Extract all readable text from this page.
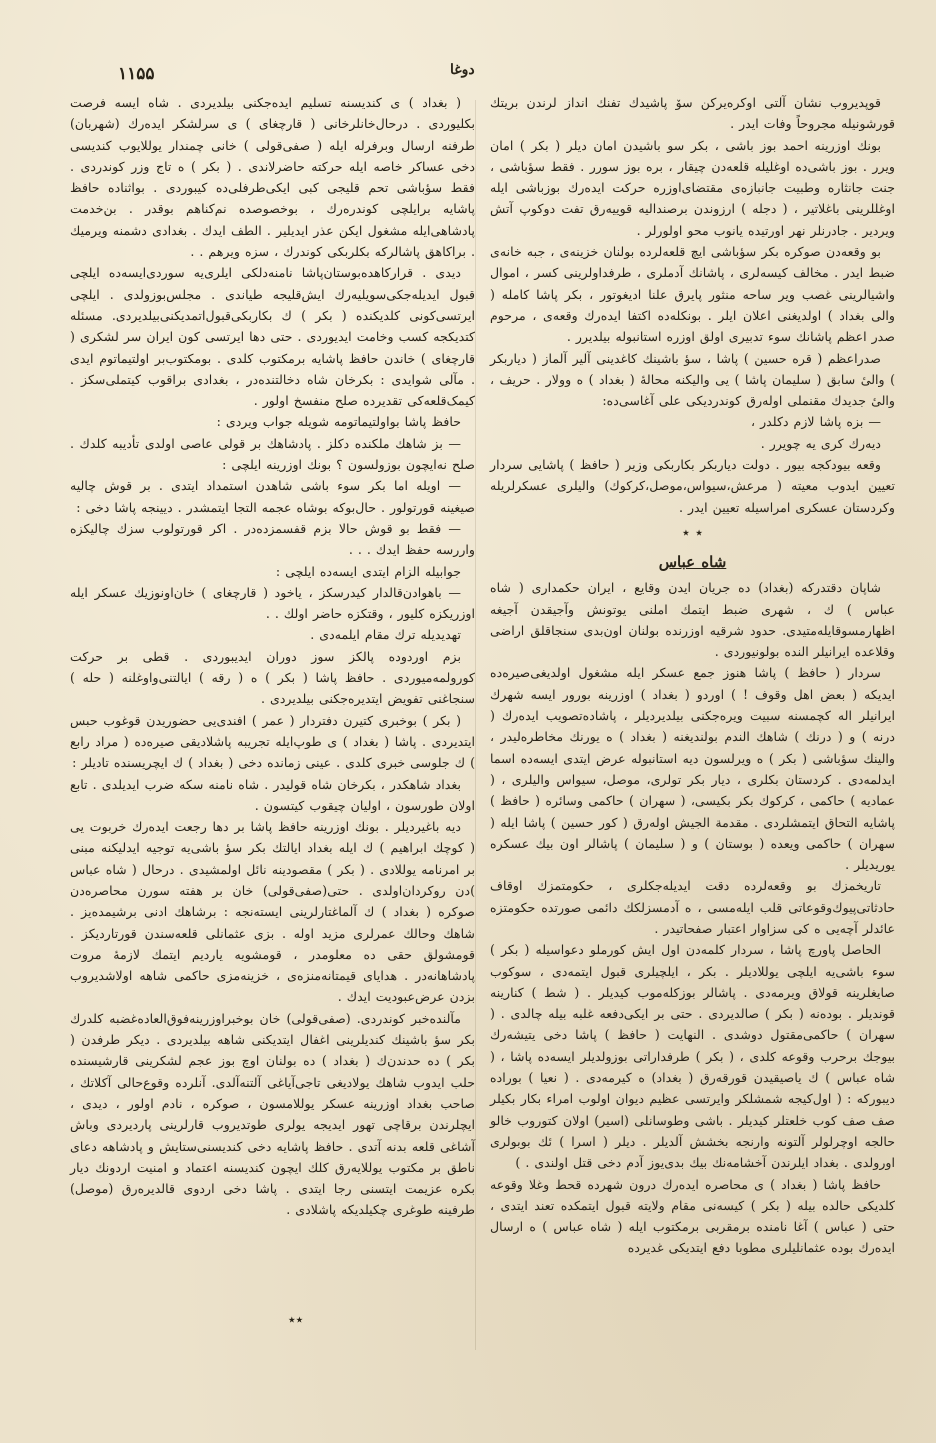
۱۱۵۵	دوغا

قوپدیروب نشان آلتی اوکره‌یرکن سۆ پاشیدك تفنك انداز لرندن بریتك قورشونیله مجروحاً وفات ایدر .

بونك اوزرینه احمد بوز باشی ، بکر سو باشیدن امان دیلر ( بکر ) امان ویرر . بوز باشی‌ده اوغلیله قلعه‌دن چیقار ، بره بوز سورر . فقط سؤباشی ، جنت جانثاره وطبیت جانبازه‌ی مقتضای‌اوزره حرکت ایده‌رك بوزباشی ایله اوغللرینی باغلاتیر ، ( دجله ) ارزوندن برصندالیه قوییه‌رق تفت دوكوپ آتش ویردیر . جادرنلر نهر اورتیده یانوب محو اولورلر .

بو وقعه‌دن صوکره بکر سؤباشی ایچ قلعه‌لرده بولنان خزینه‌ی ، جبه خانه‌ی ضبط ایدر . مخالف کیسه‌لری ، پاشانك آدملری ، طرفداولرینی کسر ، اموال واشیالرینی غصب ویر ساحه منثور پایرق علنا ادیغوتور ، بکر پاشا کامله ( والی بغداد ) اولدیغنی اعلان ایلر . بونکله‌ده اکتفا ایده‌رك وقعه‌ی ، مرحوم صدر اعظم پاشانك سوء تدبیری اولق اوزره استانبوله بیلدیرر .

صدراعظم ( قره حسین ) پاشا ، سؤ باشینك کاغدینی آلیر آلماز ( دیاربکر ) والیٔ سابق ( سلیمان پاشا ) یی والیکنه محالهٔ ( بغداد ) ه وولار . حریف ، والیٔ جدیدك مقنملی اوله‌رق کوندردیکی علی آغاسی‌ده:

— بزه پاشا لازم دکلدر ،

دیه‌رك کری یه چویرر .

وقعه بیودکجه بیور . دولت دیاربکر بکاربکی وزیر ( حافظ ) پاشایی سردار تعیین ایدوب معیته ( مرعش،سیواس،موصل،کرکوك) والیلری عسکرلریله وکردستان عسکری امراسیله تعیین ایدر .

٭ ٭
شاه عباس

شاپان دقتدرکه (بغداد) ده جریان ایدن وقایع ، ایران حکمداری ( شاه عباس ) ك ، شهری ضبط ایتمك املنی یوتونش وآجیقدن آجیغه اظهارمسوقایله‌متیدی. حدود شرقیه اوزرنده بولنان اون‌بدی سنجاقلق اراضی وقلاعده ایرانیلر النده بولونیوردی .

سردار ( حافظ ) پاشا هنوز جمع عسکر ایله مشغول اولدیغی‌صیره‌ده ایدیکه ( بعض اهل وقوف ! ) اوردو ( بغداد ) اوزرینه بورور ایسه شهرك ایرانیلر اله کچمسنه سبیت ویره‌جکنی بیلدیردیلر ، پاشاده‌تصویب ایده‌رك ( درنه ) و ( درنك ) شاهك الندم بولندیغنه ( بغداد ) ه یورنك مخاطره‌لیدر ، والینك سؤباشی ( بکر ) ه ویرلسون دیه استانبوله عرض ایتدی ایسه‌ده اسما ایدلمه‌دی . کردستان بکلری ، دیار بکر تولری، موصل، سیواس والیلری ، ( عمادیه ) حاکمی ، کرکوك بکر بکیسی، ( سهران ) حاکمی وسائره ( حافظ ) پاشایه التحاق ایتمشلردی . مقدمة الجیش اوله‌رق ( کور حسین ) پاشا ایله ( سهران ) حاکمی ویعده ( بوستان ) و ( سلیمان ) پاشالر اون بیك عسکره یوریدیلر .

تاریخمزك بو وقعه‌لرده دقت ایدیله‌جکلری ، حکومتمزك اوقاف حادثاتی‌پیوك‌وقوعاتی قلب ایله‌مسی ، ه آدمسزلکك دائمی صورتده حکومتزه عائدلر آچه‌یی ه کی سزاوار اعتبار صفحاتیدر .

الحاصل پاورچ پاشا ، سردار کلمه‌دن اول ایش کورملو دعواسیله ( بکر ) سوء باشی‌یه ایلچی یوللادیلر . بکر ، ایلچیلری قبول ایتمه‌دی ، سوکوب صایغلرینه قولاق ویرمه‌دی . پاشالر بوزکله‌موب کیدیلر . ( شط ) کنارینه قوندیلر . بوده‌نه ( بکر ) صالدیردی . حتی بر ایکی‌دفعه غلبه بیله چالدی . ( سهران ) حاکمی‌مقتول دوشدی . النهایت ( حافظ ) پاشا دخی یتیشه‌رك بیوجك برحرب وقوعه کلدی ، ( بکر ) طرفداراتی بوزولدیلر ایسه‌ده پاشا ، ( شاه عباس ) ك یاصیقیدن قورقه‌رق ( بغداد) ه کیرمه‌دی . ( نعیا ) بوراده دیبورکه : ( اول‌کیجه شمشلکر وایرتسی عظیم دیوان اولوب امراء بکار بکیلر صف صف کوب خلعتلر کیدیلر . باشی وطوسانلی (اسیر) اولان کتوروب خالو حالجه اوچرلولر آلتونه وارنجه بخشش آلدیلر . دیلر ( اسرا ) ئك بوبولری اورولدی . بغداد ایلرندن آخشامه‌نك بیك بدی‌یوز آدم دخی قتل اولندی . )

حافظ پاشا ( بغداد ) ی محاصره ایده‌رك درون شهرده قحط وغلا وقوعه کلدیکی حالده بیله ( بکر ) کیسه‌نی مقام ولایته قبول ایتمکده تعند ایتدی ، حتی ( عباس ) آغا نامنده برمقربی برمکتوب ایله ( شاه عباس ) ه ارسال ایده‌رك بوده عثمانلیلری مطوبا دفع ایتدیکی غدیرده

( بغداد ) ی کندیسنه تسلیم ایده‌جکنی بیلدیردی . شاه ایسه فرصت بکلیوردی . درحال‌خانلرخانی ( قارچغای ) ی سرلشکر ایده‌رك (شهربان) طرفنه ارسال وبرفرله ایله ( صفی‌قولی ) خانی چمندار یوللایوب کندیسی دخی عساکر خاصه ایله حرکته حاضرلاندی . ( بکر ) ه تاج وزر کوندردی . فقط سؤباشی تحم قلیجی کبی ایکی‌طرفلی‌ده کیبوردی . بواثناده حافظ پاشایه برایلچی کوندره‌رك ، بوخصوصده نم‌کناهم بوقدر . بن‌خدمت پادشاهی‌ایله مشغول ایکن عذر ایدیلیر . الطف ایدك . بغدادی دشمنه ویرمیك . براکاهق پاشالرکه بکلربکی کوندرك ، سزه ویرهم . .

دیدی . قرارکاهده‌بوستان‌پاشا نامنه‌دلکی ایلری‌یه سوردی‌ایسه‌ده ایلچی قبول ایدیله‌جکی‌سویلیه‌رك ایش‌قلیجه طیاندی . مجلس‌بوزولدی . ایلچی ایرتسی‌کونی کلدیکنده ( بکر ) ك بکاربکی‌قبول‌اتمدیکنی‌بیلدیردی. مسئله کتدیکجه کسب وخامت ایدیوردی . حتی دها ایرتسی کون ایران سر لشکری ( قارچغای ) خاندن حافظ پاشایه برمکتوب کلدی . بومکتوب‌بر اولتیماتوم ایدی . مآلی شوایدی : بکرخان شاه دخالتنده‌در ، بغدادی براقوب کیتملی‌سکز . کیمک‌قلعه‌کی تقدیرده صلح منفسخ اولور .

حافظ پاشا بواولتیماتومه شویله جواب ویردی :

— بز شاهك ملکنده دکلز . پادشاهك بر قولی عاصی اولدی تأدیبه کلدك . صلح نه‌ایچون بوزولسون ؟ بونك اوزرینه ایلچی :

— اویله اما بکر سوء باشی شاهدن استمداد ایتدی . بر قوش چالیه صیغینه قورتولور . حال‌بوکه بوشاه عجمه التجا ایتمشدر . دیینجه پاشا دخی :

— فقط بو قوش حالا بزم قفسمزده‌در . اکر قورتولوب سزك چالیکزه واررسه حفظ ایدك . . .

جوابیله الزام ایتدی ایسه‌ده ایلچی :

— باهوادن‌قالدار کیدرسکز ، یاخود ( قارچغای ) خان‌اونوزیك عسکر ایله اوزریکزه کلیور ، وقتکزه حاضر اولك . .

تهدیدیله ترك مقام ایلمه‌دی .

بزم اوردوده پالکز سوز دوران ایدیبوردی . قطی بر حرکت کورولمه‌میوردی . حافظ پاشا ( بکر ) ه ( رقه ) ایالتنی‌واوغلنه ( حله ) سنجاغنی تفویض ایتدیره‌جکنی بیلدیردی .

( بکر ) بوخبری کتیرن دفتردار ( عمر ) افندی‌یی حضوریدن قوغوب حبس ایتدیردی . پاشا ( بغداد ) ی طوپ‌ایله تجریبه پاشلادیقی صیره‌ده ( مراد رابع ) ك جلوسی خبری کلدی . عینی زمانده دخی ( بغداد ) ك ایچریسنده تادیلر :

بغداد شاهکدر ، بکرخان شاه قولیدر . شاه نامنه سکه ضرب ایدیلدی . تابع اولان طورسون ، اولیان چیقوب کیتسون .

دیه باغیردیلر . بونك اوزرینه حافظ پاشا بر دها رجعت ایده‌رك خربوت یی ( کوچك ابراهیم ) ك ایله بغداد ایالتك بکر سؤ باشی‌یه توجیه ایدلیکنه مبنی بر امرنامه یوللادی . ( بکر ) مقصودینه نائل اولمشیدی . درحال ( شاه عباس )دن روکردان‌اولدی . حتی(صفی‌قولی) خان بر هفته سورن محاصره‌دن صوکره ( بغداد ) ك آلماغتارلرینی ایسته‌نجه : برشاهك ادنی برشیمده‌یز . شاهك وحالك عمرلری مزید اوله . بزی عثمانلی قلعه‌سندن قورتاردیکز . قومشولق حقی ده معلومدر ، قومشویه یاردیم ایتمك لازمهٔ مروت پادشاهانه‌در . هدایای قیمتانه‌منزه‌ی ، خزینه‌مزی حاکمی شاهه اولاشدیروب بزدن عرض‌عبودیت ایدك .

مآلنده‌خبر کوندردی. (صفی‌قولی) خان بوخبراوزرینه‌فوق‌العاده‌غضبه کلدرك بکر سؤ باشینك کندیلرینی اغفال ایتدیکنی شاهه بیلدیردی . دیکر طرفدن ( بکر ) ده حدندن‌ك ( بغداد ) ده بولنان اوچ بوز عجم لشکرینی قارشیسنده حلب ایدوب شاهك یولادیغی تاجی‌آیاغی آلتنه‌آلدی. آنلرده وقوع‌حالی آکلاتك ، صاحب بغداد اوزرینه عسکر یوللامسون ، صوکره ، نادم اولور ، دیدی ، ایچلرندن برقاچی تهور ایدیجه یولری طوتدیروب قارلرینی پاردیردی وباش آشاغی قلعه بدنه آتدی . حافظ پاشایه دخی کندیسنی‌ستایش و پادشاهه دعای ناطق بر مکتوب یوللایه‌رق کلك ایچون کندیسنه اعتماد و امنیت اردونك دیار بکره عزیمت ایتسنی رجا ایتدی . پاشا دخی اردوی قالدیره‌رق (موصل) طرفینه طوغری چکیلدیکه پاشلادی .

٭٭
